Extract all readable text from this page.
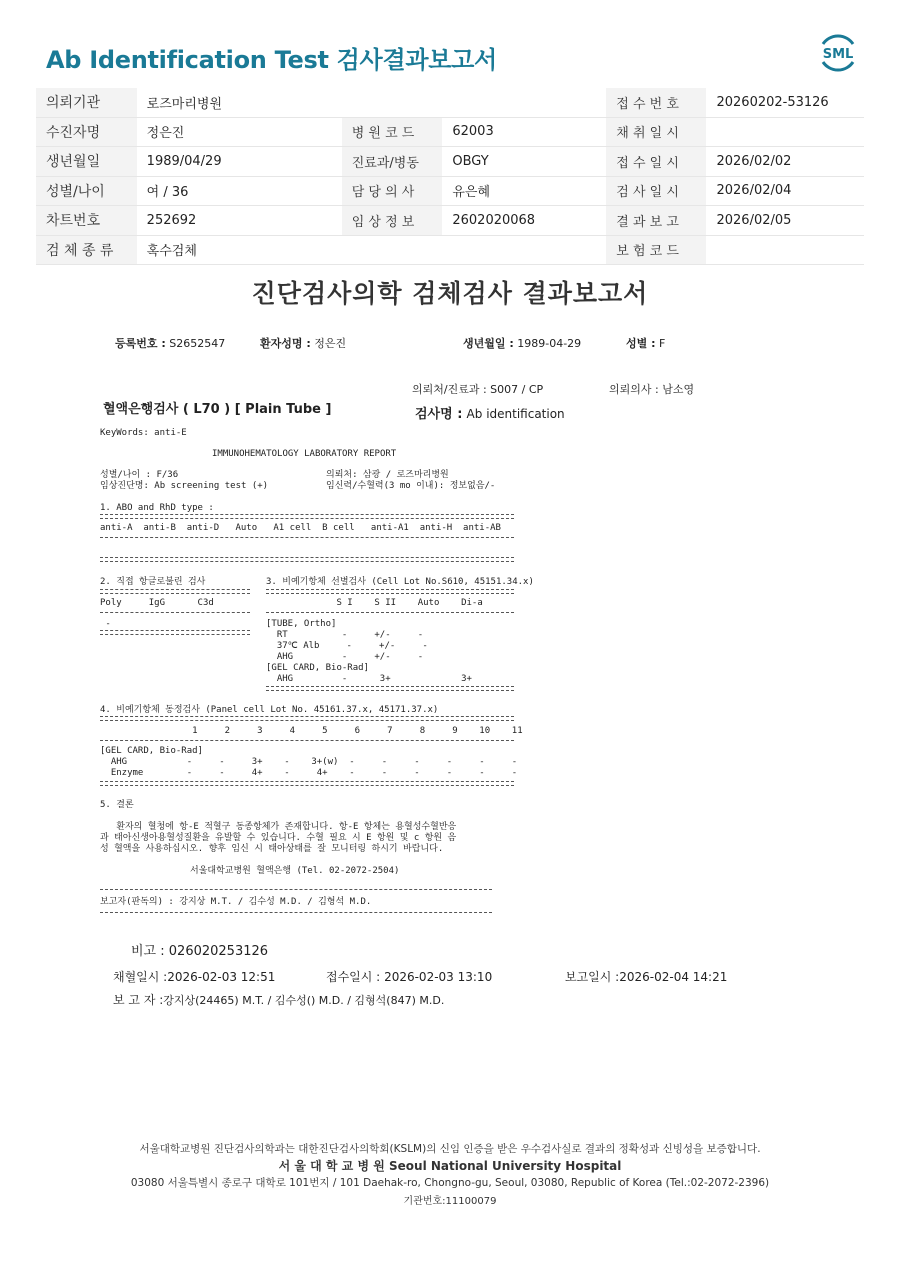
Ab Identification Test 검사결과보고서	SML
의뢰기관	로즈마리병원			접 수 번 호	20260202-53126
수진자명	정은진	병 원 코 드	62003	채 취 일 시	
생년월일	1989/04/29	진료과/병동	OBGY	접 수 일 시	2026/02/02
성별/나이	여 / 36	담 당 의 사	유은혜	검 사 일 시	2026/02/04
차트번호	252692	임 상 정 보	2602020068	결 과 보 고	2026/02/05
검 체 종 류	혹수검체			보 험 코 드	
진단검사의학 검체검사 결과보고서
등록번호 : S2652547	환자성명 : 정은진	생년월일 : 1989-04-29	성별 : F
의뢰처/진료과 : S007 / CP	의뢰의사 : 남소영
혈액은행검사 ( L70 ) [ Plain Tube ]	검사명 : Ab identification
KeyWords: anti-E
IMMUNOHEMATOLOGY LABORATORY REPORT
성별/나이 : F/36
임상진단명: Ab screening test (+)
의뢰처: 삼광 / 로즈마리병원
임신력/수혈력(3 mo 이내): 정보없음/-
1. ABO and RhD type :
anti-A  anti-B  anti-D   Auto   A1 cell  B cell   anti-A1  anti-H  anti-AB
2. 직접 항글로불린 검사
Poly     IgG      C3d
-
3. 비예기항체 선별검사 (Cell Lot No.S610, 45151.34.x)
S I    S II    Auto    Di-a
[TUBE, Ortho]
RT          -     +/-     -
37℃ Alb     -     +/-     -
AHG         -     +/-     -
[GEL CARD, Bio-Rad]
AHG         -      3+             3+
4. 비예기항체 동정검사 (Panel cell Lot No. 45161.37.x, 45171.37.x)
1     2     3     4     5     6     7     8     9    10    11
[GEL CARD, Bio-Rad]
AHG           -     -     3+    -    3+(w)  -     -     -     -     -     -
Enzyme        -     -     4+    -     4+    -     -     -     -     -     -
5. 결론
환자의 혈청에 항-E 적혈구 동종항체가 존재합니다. 항-E 항체는 용혈성수혈반응
과 태아신생아용혈성질환을 유발할 수 있습니다. 수혈 필요 시 E 항원 및 c 항원 음
성 혈액을 사용하십시오. 향후 임신 시 태아상태를 잘 모니터링 하시기 바랍니다.
서울대학교병원 혈액은행 (Tel. 02-2072-2504)
보고자(판독의) : 강지상 M.T. / 김수성 M.D. / 김형석 M.D.
비고 : 026020253126
채혈일시 :2026-02-03 12:51	접수일시 : 2026-02-03 13:10	보고일시 :2026-02-04 14:21
보 고 자 :강지상(24465) M.T. / 김수성() M.D. / 김형석(847) M.D.
서울대학교병원 진단검사의학과는 대한진단검사의학회(KSLM)의 신임 인증을 받은 우수검사실로 결과의 정확성과 신빙성을 보증합니다.
서 울 대 학 교 병 원 Seoul National University Hospital
03080 서울특별시 종로구 대학로 101번지 / 101 Daehak-ro, Chongno-gu, Seoul, 03080, Republic of Korea (Tel.:02-2072-2396)
기관번호:11100079
